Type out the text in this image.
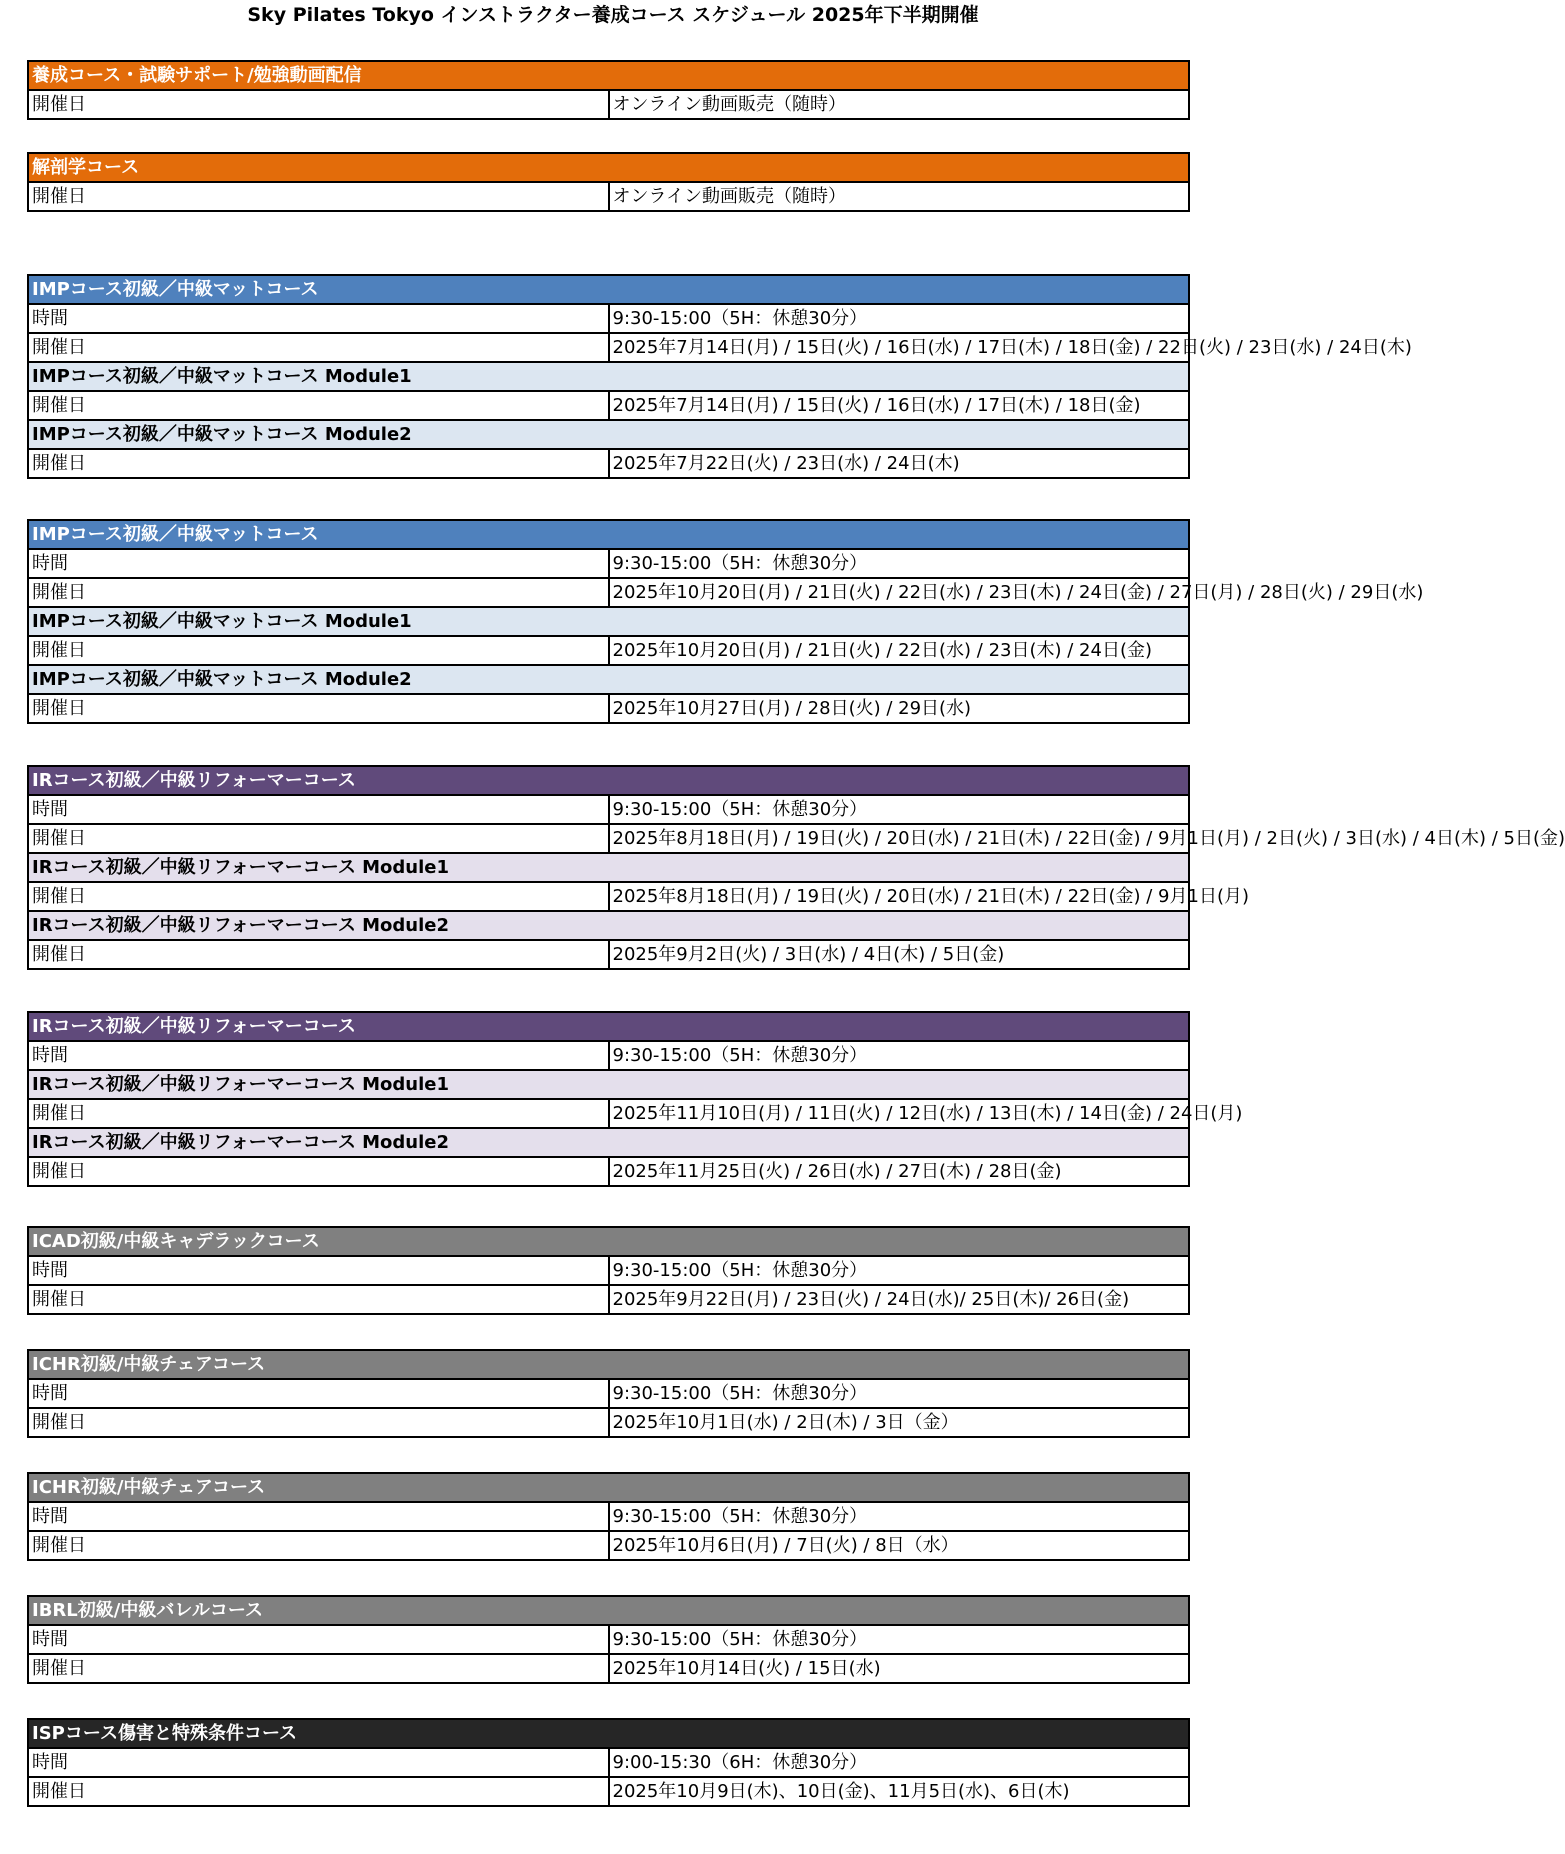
Sky Pilates Tokyo インストラクター養成コース スケジュール 2025年下半期開催
養成コース・試験サポート/勉強動画配信
開催日	オンライン動画販売（随時）
解剖学コース
開催日	オンライン動画販売（随時）
IMPコース初級／中級マットコース	
時間	9:30-15:00（5H：休憩30分）
開催日	2025年7月14日(月) / 15日(火) / 16日(水) / 17日(木) / 18日(金) / 22日(火) / 23日(水) / 24日(木)
IMPコース初級／中級マットコース Module1	
開催日	2025年7月14日(月) / 15日(火) / 16日(水) / 17日(木) / 18日(金)
IMPコース初級／中級マットコース Module2	
開催日	2025年7月22日(火) / 23日(水) / 24日(木)
IMPコース初級／中級マットコース	
時間	9:30-15:00（5H：休憩30分）
開催日	2025年10月20日(月) / 21日(火) / 22日(水) / 23日(木) / 24日(金) / 27日(月) / 28日(火) / 29日(水)
IMPコース初級／中級マットコース Module1	
開催日	2025年10月20日(月) / 21日(火) / 22日(水) / 23日(木) / 24日(金)
IMPコース初級／中級マットコース Module2	
開催日	2025年10月27日(月) / 28日(火) / 29日(水)
IRコース初級／中級リフォーマーコース	
時間	9:30-15:00（5H：休憩30分）
開催日	2025年8月18日(月) / 19日(火) / 20日(水) / 21日(木) / 22日(金) / 9月1日(月) / 2日(火) / 3日(水) / 4日(木) / 5日(金)
IRコース初級／中級リフォーマーコース Module1	
開催日	2025年8月18日(月) / 19日(火) / 20日(水) / 21日(木) / 22日(金) / 9月1日(月)
IRコース初級／中級リフォーマーコース Module2	
開催日	2025年9月2日(火) / 3日(水) / 4日(木) / 5日(金)
IRコース初級／中級リフォーマーコース	
時間	9:30-15:00（5H：休憩30分）
IRコース初級／中級リフォーマーコース Module1	
開催日	2025年11月10日(月) / 11日(火) / 12日(水) / 13日(木) / 14日(金) / 24日(月)
IRコース初級／中級リフォーマーコース Module2	
開催日	2025年11月25日(火) / 26日(水) / 27日(木) / 28日(金)
ICAD初級/中級キャデラックコース	
時間	9:30-15:00（5H：休憩30分）
開催日	2025年9月22日(月) / 23日(火) / 24日(水)/ 25日(木)/ 26日(金)
ICHR初級/中級チェアコース	
時間	9:30-15:00（5H：休憩30分）
開催日	2025年10月1日(水) / 2日(木) / 3日（金）
ICHR初級/中級チェアコース	
時間	9:30-15:00（5H：休憩30分）
開催日	2025年10月6日(月) / 7日(火) / 8日（水）
IBRL初級/中級バレルコース	
時間	9:30-15:00（5H：休憩30分）
開催日	2025年10月14日(火) / 15日(水)
ISPコース傷害と特殊条件コース	
時間	9:00-15:30（6H：休憩30分）
開催日	2025年10月9日(木)、10日(金)、11月5日(水)、6日(木)
